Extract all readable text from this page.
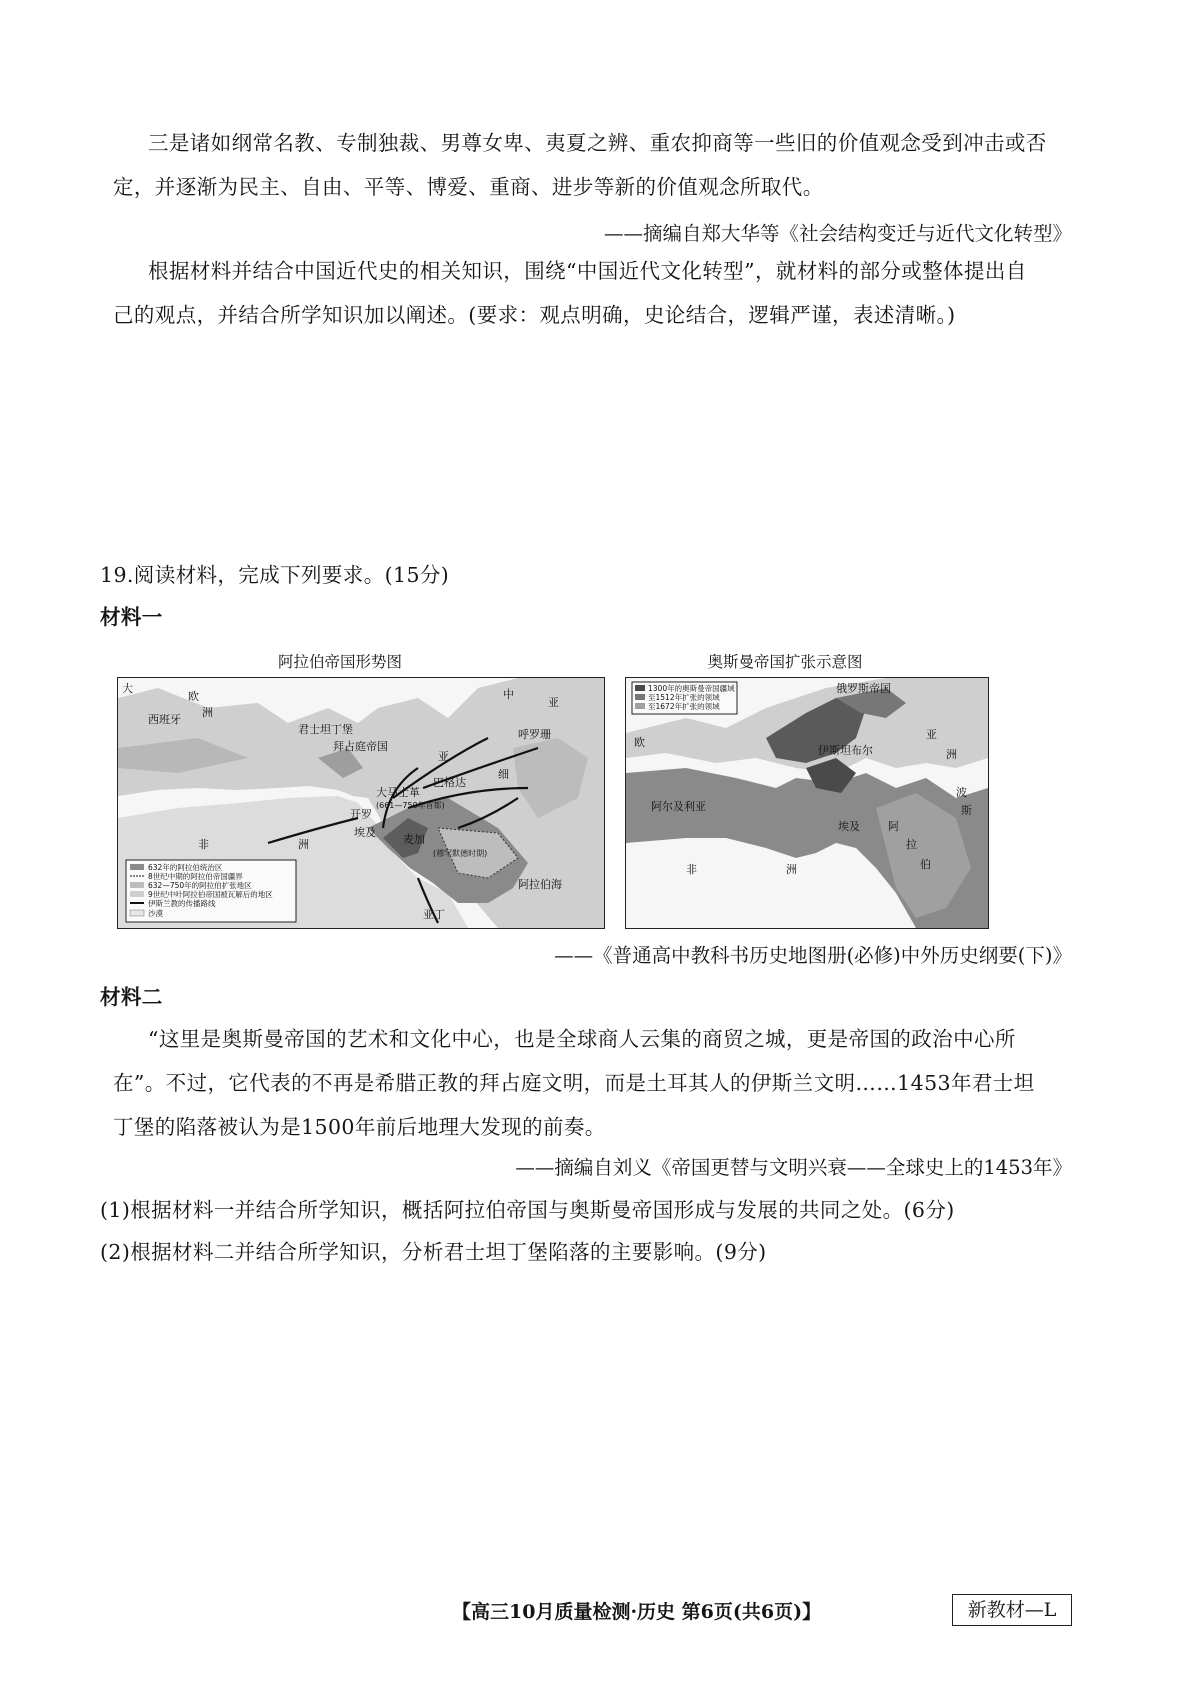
三是诸如纲常名教、专制独裁、男尊女卑、夷夏之辨、重农抑商等一些旧的价值观念受到冲击或否
定，并逐渐为民主、自由、平等、博爱、重商、进步等新的价值观念所取代。
——摘编自郑大华等《社会结构变迁与近代文化转型》
根据材料并结合中国近代史的相关知识，围绕“中国近代文化转型”，就材料的部分或整体提出自
己的观点，并结合所学知识加以阐述。(要求：观点明确，史论结合，逻辑严谨，表述清晰。)
19.阅读材料，完成下列要求。(15分)
材料一
阿拉伯帝国形势图
632年的阿拉伯统治区
8世纪中期的阿拉伯帝国疆界
632—750年的阿拉伯扩张地区
9世纪中叶阿拉伯帝国被瓦解后的地区
伊斯兰教的传播路线
沙漠
西班牙
欧
洲
君士坦丁堡
拜占庭帝国
中
亚
呼罗珊
巴格达
大马士革
(661—750年首都)
亚
细
开罗
埃及
麦加
(穆罕默德时期)
非	洲
阿拉伯海
亚丁
大
奥斯曼帝国扩张示意图
1300年的奥斯曼帝国疆域
至1512年扩张的领域
至1672年扩张的领域
欧
俄罗斯帝国
伊斯坦布尔
阿尔及利亚
亚
洲
埃及	阿
拉
伯
非	洲
波
斯
——《普通高中教科书历史地图册(必修)中外历史纲要(下)》
材料二
“这里是奥斯曼帝国的艺术和文化中心，也是全球商人云集的商贸之城，更是帝国的政治中心所
在”。不过，它代表的不再是希腊正教的拜占庭文明，而是土耳其人的伊斯兰文明……1453年君士坦
丁堡的陷落被认为是1500年前后地理大发现的前奏。
——摘编自刘义《帝国更替与文明兴衰——全球史上的1453年》
(1)根据材料一并结合所学知识，概括阿拉伯帝国与奥斯曼帝国形成与发展的共同之处。(6分)
(2)根据材料二并结合所学知识，分析君士坦丁堡陷落的主要影响。(9分)
【高三10月质量检测·历史 第6页(共6页)】	新教材—L
